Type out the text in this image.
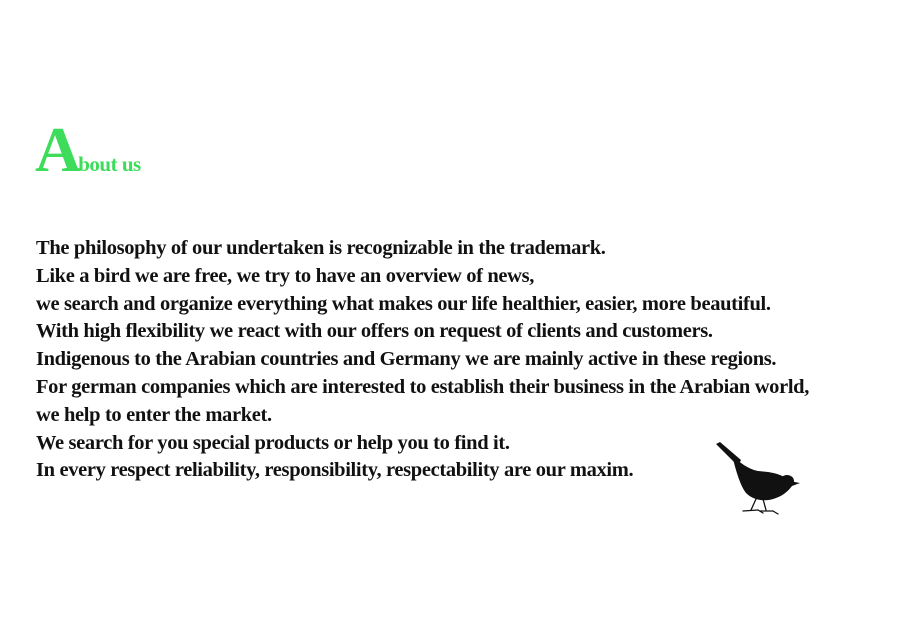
About us
The philosophy of our undertaken is recognizable in the trademark.
Like a bird we are free, we try to have an overview of news,
we search and organize everything what makes our life healthier, easier, more beautiful.
With high flexibility we react with our offers on request of clients and customers.
Indigenous to the Arabian countries and Germany we are mainly active in these regions.
For german companies which are interested to establish their business in the Arabian world,
we help to enter the market.
We search for you special products or help you to find it.
In every respect reliability, responsibility, respectability are our maxim.
